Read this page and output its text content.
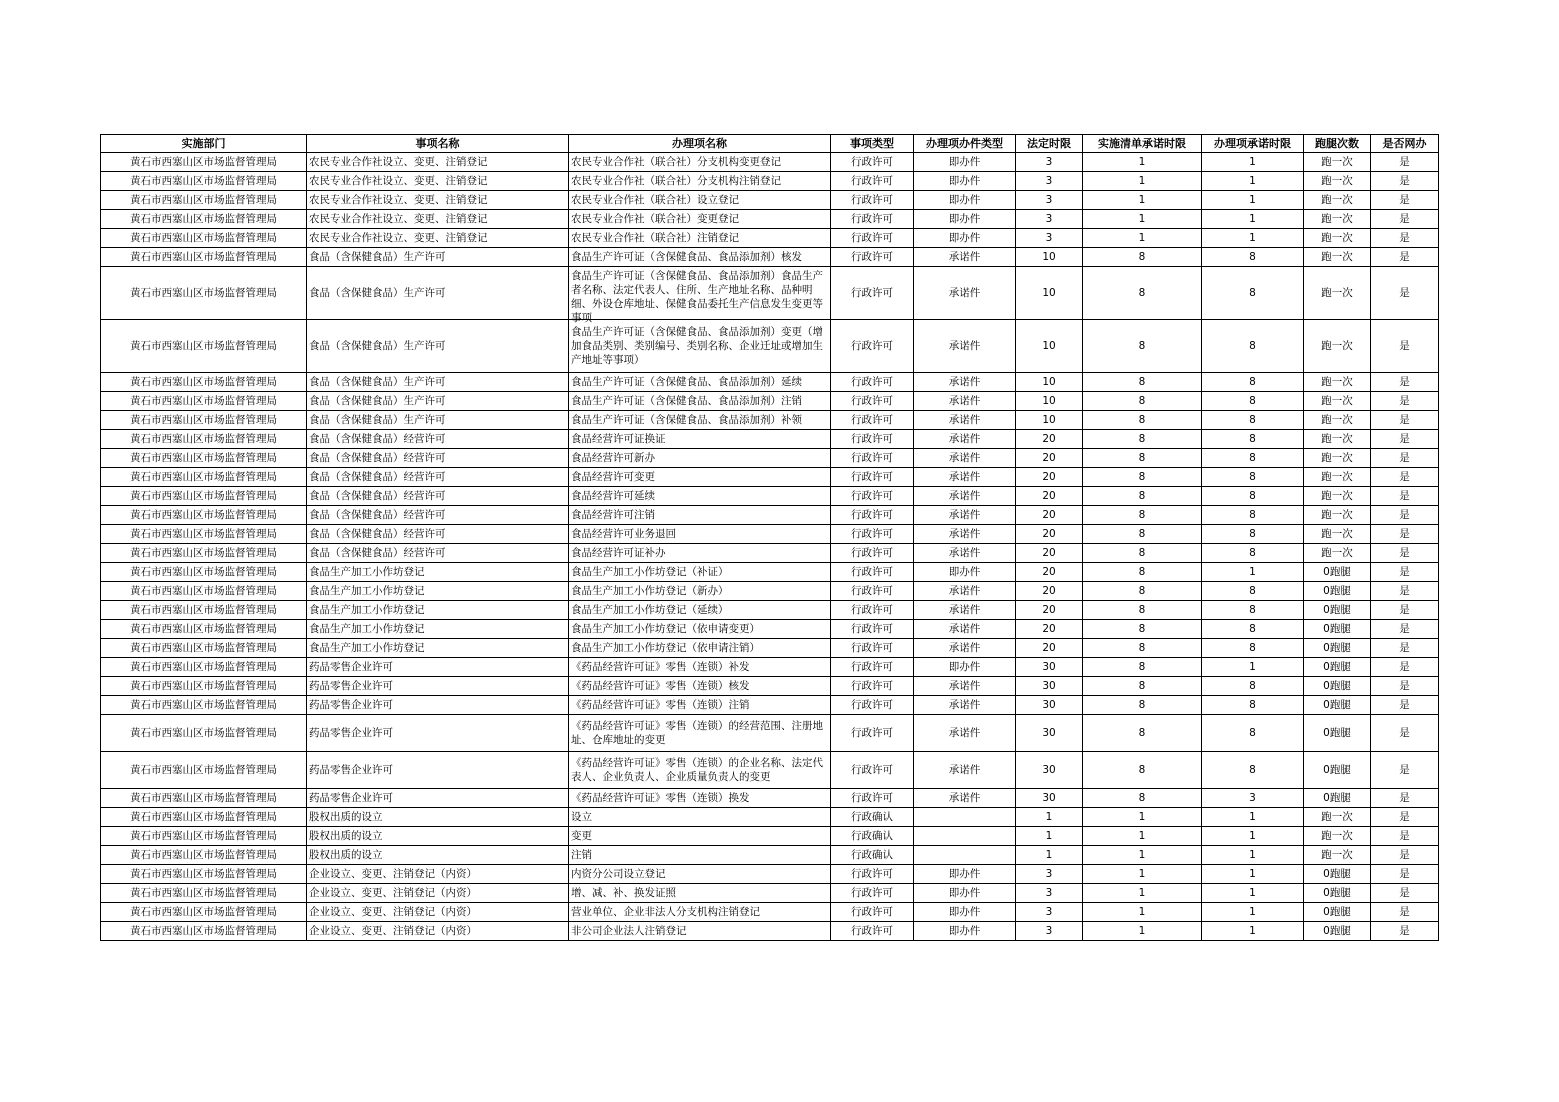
实施部门	事项名称	办理项名称	事项类型	办理项办件类型	法定时限	实施清单承诺时限	办理项承诺时限	跑腿次数	是否网办
黄石市西塞山区市场监督管理局	农民专业合作社设立、变更、注销登记	农民专业合作社（联合社）分支机构变更登记	行政许可	即办件	3	1	1	跑一次	是
黄石市西塞山区市场监督管理局	农民专业合作社设立、变更、注销登记	农民专业合作社（联合社）分支机构注销登记	行政许可	即办件	3	1	1	跑一次	是
黄石市西塞山区市场监督管理局	农民专业合作社设立、变更、注销登记	农民专业合作社（联合社）设立登记	行政许可	即办件	3	1	1	跑一次	是
黄石市西塞山区市场监督管理局	农民专业合作社设立、变更、注销登记	农民专业合作社（联合社）变更登记	行政许可	即办件	3	1	1	跑一次	是
黄石市西塞山区市场监督管理局	农民专业合作社设立、变更、注销登记	农民专业合作社（联合社）注销登记	行政许可	即办件	3	1	1	跑一次	是
黄石市西塞山区市场监督管理局	食品（含保健食品）生产许可	食品生产许可证（含保健食品、食品添加剂）核发	行政许可	承诺件	10	8	8	跑一次	是
黄石市西塞山区市场监督管理局	食品（含保健食品）生产许可	食品生产许可证（含保健食品、食品添加剂）食品生产者名称、法定代表人、住所、生产地址名称、品种明细、外设仓库地址、保健食品委托生产信息发生变更等事项	行政许可	承诺件	10	8	8	跑一次	是
黄石市西塞山区市场监督管理局	食品（含保健食品）生产许可	食品生产许可证（含保健食品、食品添加剂）变更（增加食品类别、类别编号、类别名称、企业迁址或增加生产地址等事项）	行政许可	承诺件	10	8	8	跑一次	是
黄石市西塞山区市场监督管理局	食品（含保健食品）生产许可	食品生产许可证（含保健食品、食品添加剂）延续	行政许可	承诺件	10	8	8	跑一次	是
黄石市西塞山区市场监督管理局	食品（含保健食品）生产许可	食品生产许可证（含保健食品、食品添加剂）注销	行政许可	承诺件	10	8	8	跑一次	是
黄石市西塞山区市场监督管理局	食品（含保健食品）生产许可	食品生产许可证（含保健食品、食品添加剂）补领	行政许可	承诺件	10	8	8	跑一次	是
黄石市西塞山区市场监督管理局	食品（含保健食品）经营许可	食品经营许可证换证	行政许可	承诺件	20	8	8	跑一次	是
黄石市西塞山区市场监督管理局	食品（含保健食品）经营许可	食品经营许可新办	行政许可	承诺件	20	8	8	跑一次	是
黄石市西塞山区市场监督管理局	食品（含保健食品）经营许可	食品经营许可变更	行政许可	承诺件	20	8	8	跑一次	是
黄石市西塞山区市场监督管理局	食品（含保健食品）经营许可	食品经营许可延续	行政许可	承诺件	20	8	8	跑一次	是
黄石市西塞山区市场监督管理局	食品（含保健食品）经营许可	食品经营许可注销	行政许可	承诺件	20	8	8	跑一次	是
黄石市西塞山区市场监督管理局	食品（含保健食品）经营许可	食品经营许可业务退回	行政许可	承诺件	20	8	8	跑一次	是
黄石市西塞山区市场监督管理局	食品（含保健食品）经营许可	食品经营许可证补办	行政许可	承诺件	20	8	8	跑一次	是
黄石市西塞山区市场监督管理局	食品生产加工小作坊登记	食品生产加工小作坊登记（补证）	行政许可	即办件	20	8	1	0跑腿	是
黄石市西塞山区市场监督管理局	食品生产加工小作坊登记	食品生产加工小作坊登记（新办）	行政许可	承诺件	20	8	8	0跑腿	是
黄石市西塞山区市场监督管理局	食品生产加工小作坊登记	食品生产加工小作坊登记（延续）	行政许可	承诺件	20	8	8	0跑腿	是
黄石市西塞山区市场监督管理局	食品生产加工小作坊登记	食品生产加工小作坊登记（依申请变更）	行政许可	承诺件	20	8	8	0跑腿	是
黄石市西塞山区市场监督管理局	食品生产加工小作坊登记	食品生产加工小作坊登记（依申请注销）	行政许可	承诺件	20	8	8	0跑腿	是
黄石市西塞山区市场监督管理局	药品零售企业许可	《药品经营许可证》零售（连锁）补发	行政许可	即办件	30	8	1	0跑腿	是
黄石市西塞山区市场监督管理局	药品零售企业许可	《药品经营许可证》零售（连锁）核发	行政许可	承诺件	30	8	8	0跑腿	是
黄石市西塞山区市场监督管理局	药品零售企业许可	《药品经营许可证》零售（连锁）注销	行政许可	承诺件	30	8	8	0跑腿	是
黄石市西塞山区市场监督管理局	药品零售企业许可	《药品经营许可证》零售（连锁）的经营范围、注册地址、仓库地址的变更	行政许可	承诺件	30	8	8	0跑腿	是
黄石市西塞山区市场监督管理局	药品零售企业许可	《药品经营许可证》零售（连锁）的企业名称、法定代表人、企业负责人、企业质量负责人的变更	行政许可	承诺件	30	8	8	0跑腿	是
黄石市西塞山区市场监督管理局	药品零售企业许可	《药品经营许可证》零售（连锁）换发	行政许可	承诺件	30	8	3	0跑腿	是
黄石市西塞山区市场监督管理局	股权出质的设立	设立	行政确认		1	1	1	跑一次	是
黄石市西塞山区市场监督管理局	股权出质的设立	变更	行政确认		1	1	1	跑一次	是
黄石市西塞山区市场监督管理局	股权出质的设立	注销	行政确认		1	1	1	跑一次	是
黄石市西塞山区市场监督管理局	企业设立、变更、注销登记（内资）	内资分公司设立登记	行政许可	即办件	3	1	1	0跑腿	是
黄石市西塞山区市场监督管理局	企业设立、变更、注销登记（内资）	增、减、补、换发证照	行政许可	即办件	3	1	1	0跑腿	是
黄石市西塞山区市场监督管理局	企业设立、变更、注销登记（内资）	营业单位、企业非法人分支机构注销登记	行政许可	即办件	3	1	1	0跑腿	是
黄石市西塞山区市场监督管理局	企业设立、变更、注销登记（内资）	非公司企业法人注销登记	行政许可	即办件	3	1	1	0跑腿	是
